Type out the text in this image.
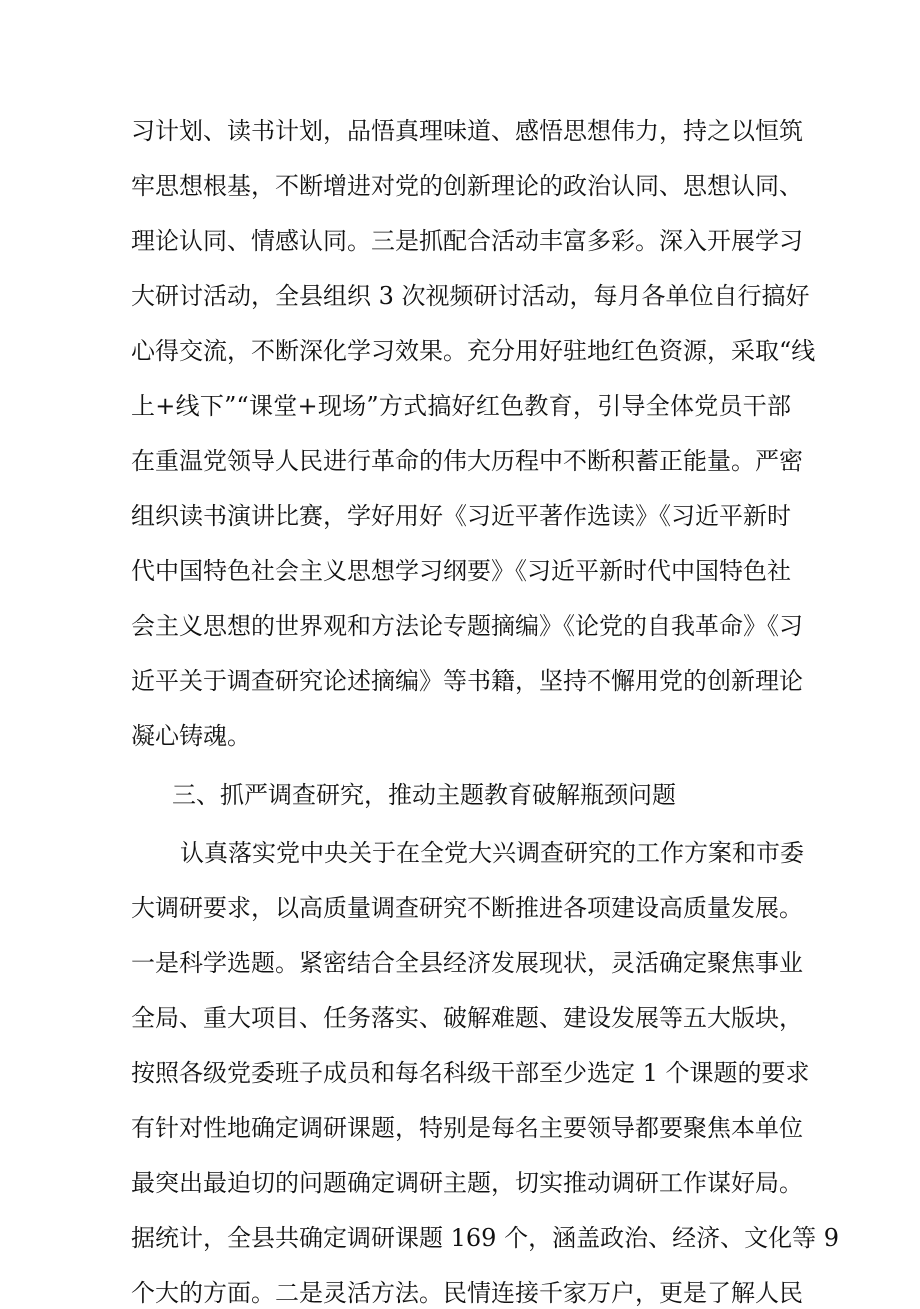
习计划、读书计划，品悟真理味道、感悟思想伟力，持之以恒筑
牢思想根基，不断增进对党的创新理论的政治认同、思想认同、
理论认同、情感认同。三是抓配合活动丰富多彩。深入开展学习
大研讨活动，全县组织 3 次视频研讨活动，每月各单位自行搞好
心得交流，不断深化学习效果。充分用好驻地红色资源，采取“线
上+线下”“课堂+现场”方式搞好红色教育，引导全体党员干部
在重温党领导人民进行革命的伟大历程中不断积蓄正能量。严密
组织读书演讲比赛，学好用好《习近平著作选读》《习近平新时
代中国特色社会主义思想学习纲要》《习近平新时代中国特色社
会主义思想的世界观和方法论专题摘编》《论党的自我革命》《习
近平关于调查研究论述摘编》等书籍，坚持不懈用党的创新理论
凝心铸魂。
三、抓严调查研究，推动主题教育破解瓶颈问题
认真落实党中央关于在全党大兴调查研究的工作方案和市委
大调研要求，以高质量调查研究不断推进各项建设高质量发展。
一是科学选题。紧密结合全县经济发展现状，灵活确定聚焦事业
全局、重大项目、任务落实、破解难题、建设发展等五大版块，
按照各级党委班子成员和每名科级干部至少选定 1 个课题的要求
有针对性地确定调研课题，特别是每名主要领导都要聚焦本单位
最突出最迫切的问题确定调研主题，切实推动调研工作谋好局。
据统计，全县共确定调研课题 169 个，涵盖政治、经济、文化等 9
个大的方面。二是灵活方法。民情连接千家万户，更是了解人民
